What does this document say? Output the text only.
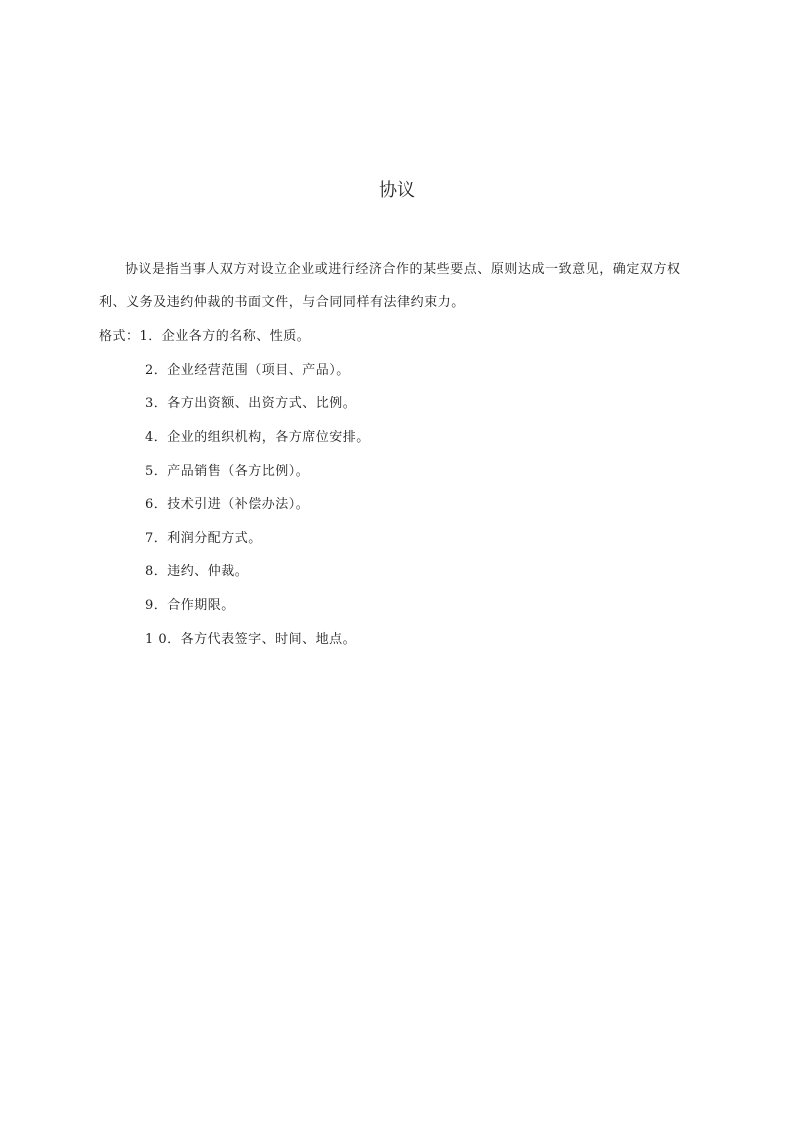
协议
协议是指当事人双方对设立企业或进行经济合作的某些要点、原则达成一致意见，确定双方权
利、义务及违约仲裁的书面文件，与合同同样有法律约束力。
格式：1．企业各方的名称、性质。
2．企业经营范围（项目、产品）。
3．各方出资额、出资方式、比例。
4．企业的组织机构，各方席位安排。
5．产品销售（各方比例）。
6．技术引进（补偿办法）。
7．利润分配方式。
8．违约、仲裁。
9．合作期限。
1 0．各方代表签字、时间、地点。
